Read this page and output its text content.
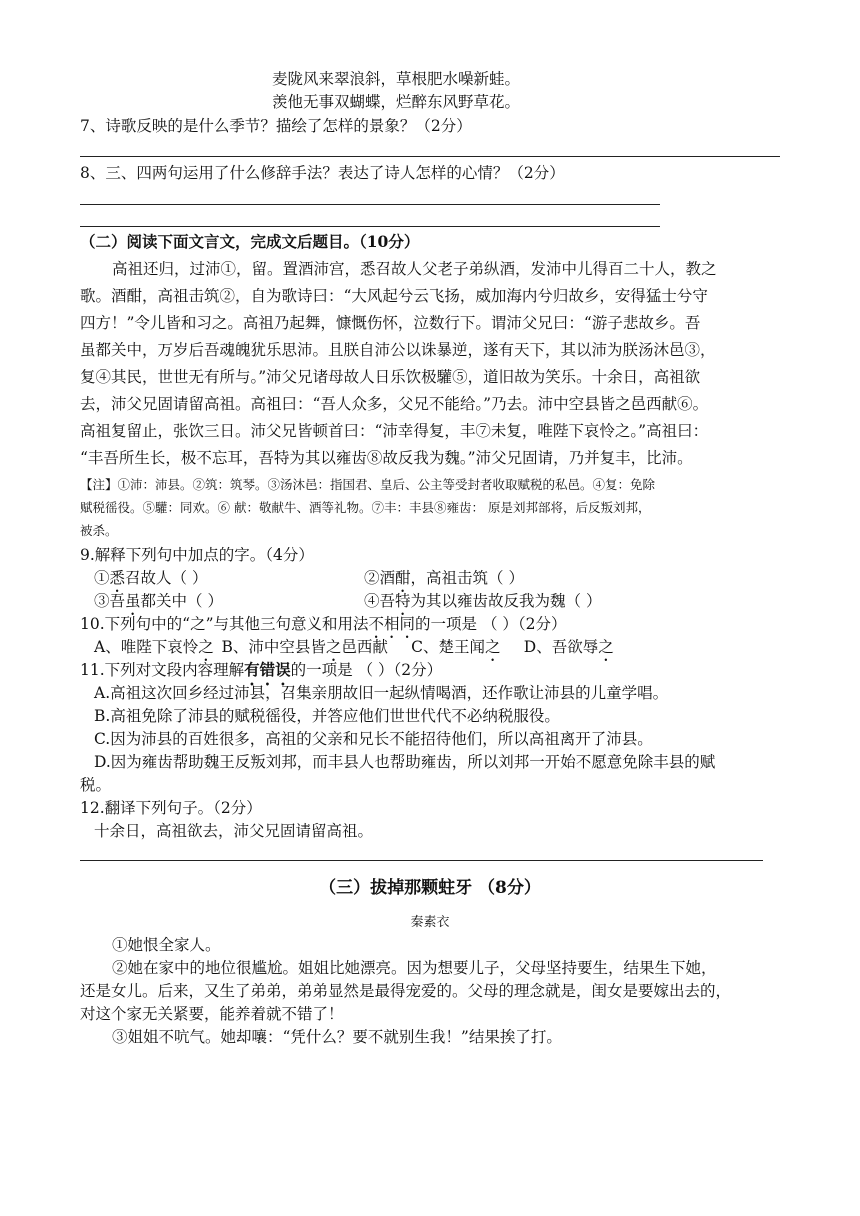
麦陇风来翠浪斜，草根肥水噪新蛙。
羡他无事双蝴蝶，烂醉东风野草花。
7、诗歌反映的是什么季节？描绘了怎样的景象？（2分）
8、三、四两句运用了什么修辞手法？表达了诗人怎样的心情？（2分）
（二）阅读下面文言文，完成文后题目。（10分）
高祖还归，过沛①，留。置酒沛宫，悉召故人父老子弟纵酒，发沛中儿得百二十人，教之
歌。酒酣，高祖击筑②，自为歌诗曰：“大风起兮云飞扬，威加海内兮归故乡，安得猛士兮守
四方！”令儿皆和习之。高祖乃起舞，慷慨伤怀，泣数行下。谓沛父兄曰：“游子悲故乡。吾
虽都关中，万岁后吾魂魄犹乐思沛。且朕自沛公以诛暴逆，遂有天下，其以沛为朕汤沐邑③，
复④其民，世世无有所与。”沛父兄诸母故人日乐饮极驩⑤，道旧故为笑乐。十余日，高祖欲
去，沛父兄固请留高祖。高祖曰：“吾人众多，父兄不能给。”乃去。沛中空县皆之邑西献⑥。
高祖复留止，张饮三日。沛父兄皆顿首曰：“沛幸得复，丰⑦未复，唯陛下哀怜之。”高祖曰：
“丰吾所生长，极不忘耳，吾特为其以雍齿⑧故反我为魏。”沛父兄固请，乃并复丰，比沛。
【注】①沛：沛县。②筑：筑琴。③汤沐邑：指国君、皇后、公主等受封者收取赋税的私邑。④复：免除
赋税徭役。⑤驩：同欢。⑥ 献：敬献牛、酒等礼物。⑦丰：丰县⑧雍齿： 原是刘邦部将，后反叛刘邦，
被杀。
9.解释下列句中加点的字。（4分）
①悉召故人（ ）	②酒酣，高祖击筑（ ）
③吾虽都关中（ ）	④吾特为其以雍齿故反我为魏（ ）
10.下列句中的“之”与其他三句意义和用法不相同的一项是 （ ）（2分）
A、唯陛下哀怜之  B、沛中空县皆之邑西献   C、楚王闻之   D、吾欲辱之
11.下列对文段内容理解有错误的一项是 （ ）（2分）
A.高祖这次回乡经过沛县，召集亲朋故旧一起纵情喝酒，还作歌让沛县的儿童学唱。
B.高祖免除了沛县的赋税徭役，并答应他们世世代代不必纳税服役。
C.因为沛县的百姓很多，高祖的父亲和兄长不能招待他们，所以高祖离开了沛县。
D.因为雍齿帮助魏王反叛刘邦，而丰县人也帮助雍齿，所以刘邦一开始不愿意免除丰县的赋
税。
12.翻译下列句子。（2分）
十余日，高祖欲去，沛父兄固请留高祖。
（三）拔掉那颗蛀牙 （8分）
秦素衣
①她恨全家人。
②她在家中的地位很尴尬。姐姐比她漂亮。因为想要儿子，父母坚持要生，结果生下她，
还是女儿。后来，又生了弟弟，弟弟显然是最得宠爱的。父母的理念就是，闺女是要嫁出去的，
对这个家无关紧要，能养着就不错了！
③姐姐不吭气。她却嚷：“凭什么？要不就别生我！”结果挨了打。
